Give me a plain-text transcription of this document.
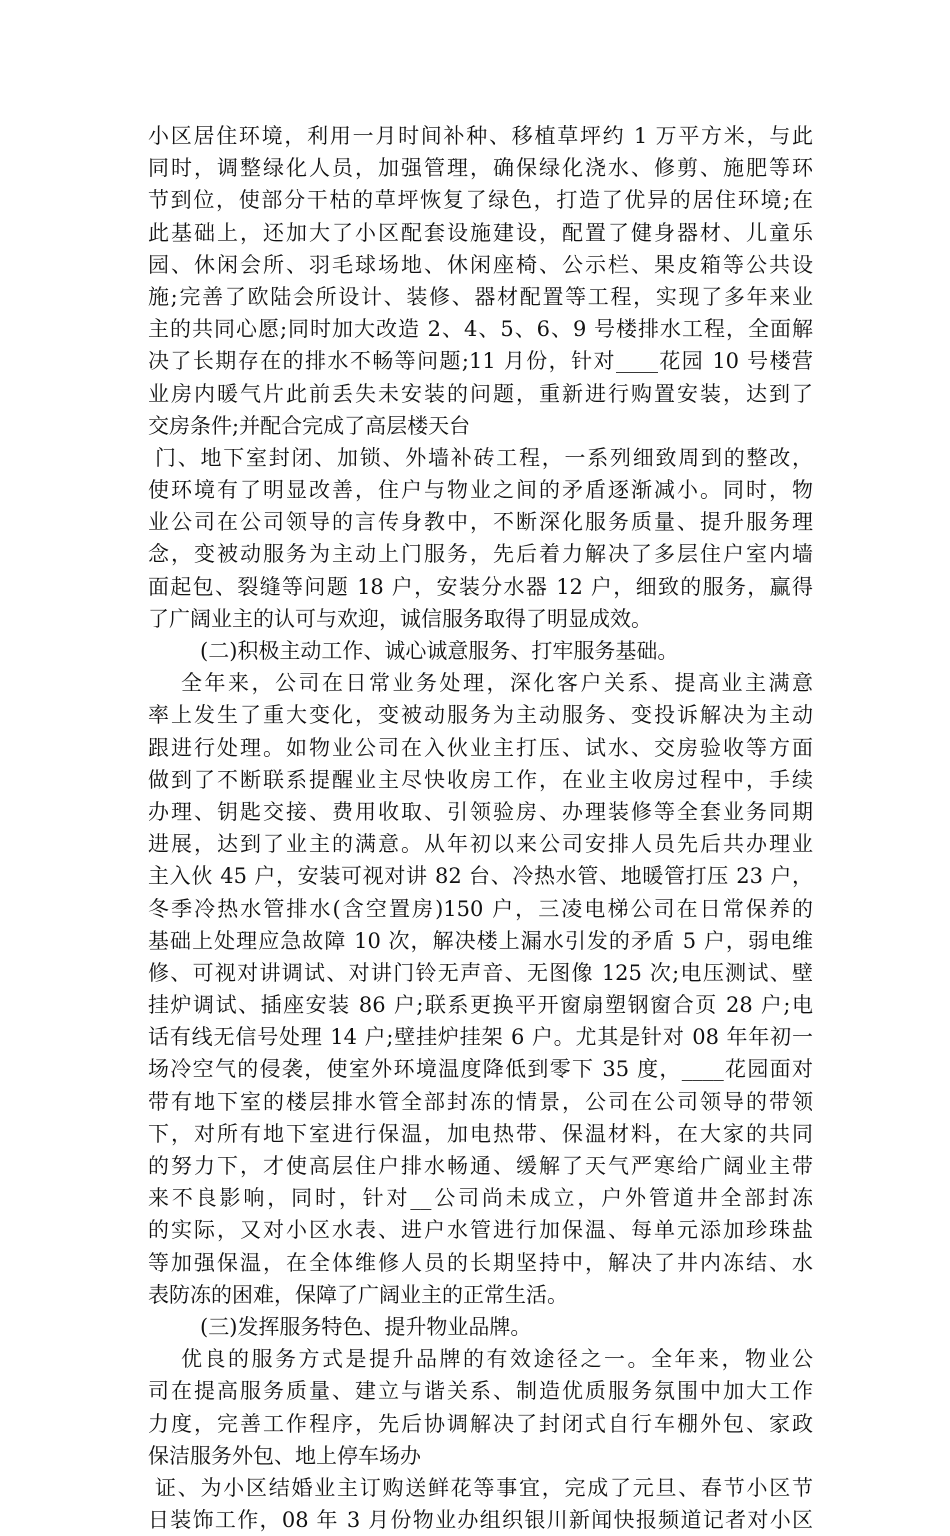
小区居住环境，利用一月时间补种、移植草坪约 1 万平方米，与此
同时，调整绿化人员，加强管理，确保绿化浇水、修剪、施肥等环
节到位，使部分干枯的草坪恢复了绿色，打造了优异的居住环境;在
此基础上，还加大了小区配套设施建设，配置了健身器材、儿童乐
园、休闲会所、羽毛球场地、休闲座椅、公示栏、果皮箱等公共设
施;完善了欧陆会所设计、装修、器材配置等工程，实现了多年来业
主的共同心愿;同时加大改造 2、4、5、6、9 号楼排水工程，全面解
决了长期存在的排水不畅等问题;11 月份，针对____花园 10 号楼营
业房内暖气片此前丢失未安装的问题，重新进行购置安装，达到了
交房条件;并配合完成了高层楼天台
门、地下室封闭、加锁、外墙补砖工程，一系列细致周到的整改，
使环境有了明显改善，住户与物业之间的矛盾逐渐减小。同时，物
业公司在公司领导的言传身教中，不断深化服务质量、提升服务理
念，变被动服务为主动上门服务，先后着力解决了多层住户室内墙
面起包、裂缝等问题 18 户，安装分水器 12 户，细致的服务，赢得
了广阔业主的认可与欢迎，诚信服务取得了明显成效。
(二)积极主动工作、诚心诚意服务、打牢服务基础。
全年来，公司在日常业务处理，深化客户关系、提高业主满意
率上发生了重大变化，变被动服务为主动服务、变投诉解决为主动
跟进行处理。如物业公司在入伙业主打压、试水、交房验收等方面
做到了不断联系提醒业主尽快收房工作，在业主收房过程中，手续
办理、钥匙交接、费用收取、引领验房、办理装修等全套业务同期
进展，达到了业主的满意。从年初以来公司安排人员先后共办理业
主入伙 45 户，安装可视对讲 82 台、冷热水管、地暖管打压 23 户，
冬季冷热水管排水(含空置房)150 户，三凌电梯公司在日常保养的
基础上处理应急故障 10 次，解决楼上漏水引发的矛盾 5 户，弱电维
修、可视对讲调试、对讲门铃无声音、无图像 125 次;电压测试、壁
挂炉调试、插座安装 86 户;联系更换平开窗扇塑钢窗合页 28 户;电
话有线无信号处理 14 户;壁挂炉挂架 6 户。尤其是针对 08 年年初一
场冷空气的侵袭，使室外环境温度降低到零下 35 度，____花园面对
带有地下室的楼层排水管全部封冻的情景，公司在公司领导的带领
下，对所有地下室进行保温，加电热带、保温材料，在大家的共同
的努力下，才使高层住户排水畅通、缓解了天气严寒给广阔业主带
来不良影响，同时，针对__公司尚未成立，户外管道井全部封冻
的实际，又对小区水表、进户水管进行加保温、每单元添加珍珠盐
等加强保温，在全体维修人员的长期坚持中，解决了井内冻结、水
表防冻的困难，保障了广阔业主的正常生活。
(三)发挥服务特色、提升物业品牌。
优良的服务方式是提升品牌的有效途径之一。全年来，物业公
司在提高服务质量、建立与谐关系、制造优质服务氛围中加大工作
力度，完善工作程序，先后协调解决了封闭式自行车棚外包、家政
保洁服务外包、地上停车场办
证、为小区结婚业主订购送鲜花等事宜，完成了元旦、春节小区节
日装饰工作，08 年 3 月份物业办组织银川新闻快报频道记者对小区
